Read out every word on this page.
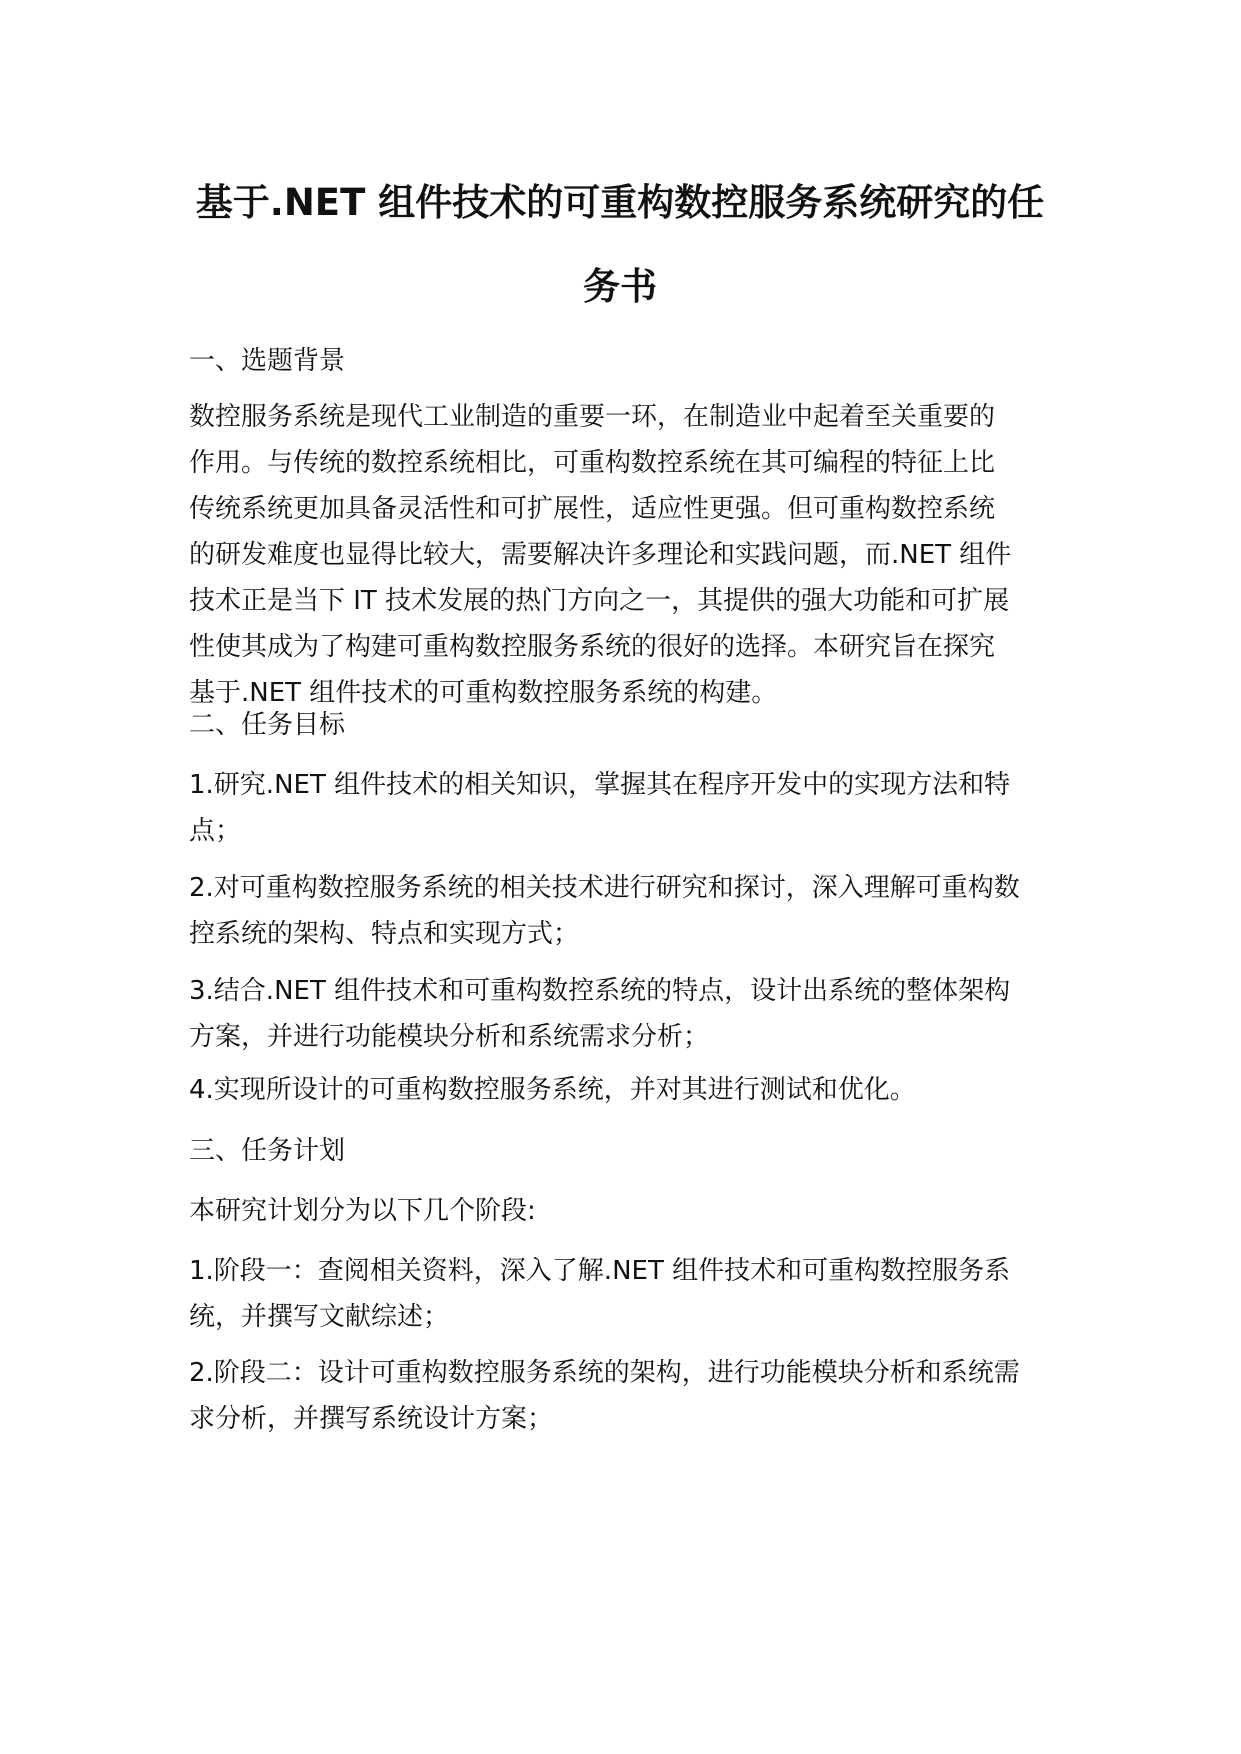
基于.NET 组件技术的可重构数控服务系统研究的任
务书

一、选题背景

数控服务系统是现代工业制造的重要一环，在制造业中起着至关重要的
作用。与传统的数控系统相比，可重构数控系统在其可编程的特征上比
传统系统更加具备灵活性和可扩展性，适应性更强。但可重构数控系统
的研发难度也显得比较大，需要解决许多理论和实践问题，而.NET 组件
技术正是当下 IT 技术发展的热门方向之一，其提供的强大功能和可扩展
性使其成为了构建可重构数控服务系统的很好的选择。本研究旨在探究
基于.NET 组件技术的可重构数控服务系统的构建。

二、任务目标

1.研究.NET 组件技术的相关知识，掌握其在程序开发中的实现方法和特
点；
2.对可重构数控服务系统的相关技术进行研究和探讨，深入理解可重构数
控系统的架构、特点和实现方式；
3.结合.NET 组件技术和可重构数控系统的特点，设计出系统的整体架构
方案，并进行功能模块分析和系统需求分析；
4.实现所设计的可重构数控服务系统，并对其进行测试和优化。

三、任务计划

本研究计划分为以下几个阶段:

1.阶段一：查阅相关资料，深入了解.NET 组件技术和可重构数控服务系
统，并撰写文献综述；
2.阶段二：设计可重构数控服务系统的架构，进行功能模块分析和系统需
求分析，并撰写系统设计方案；
